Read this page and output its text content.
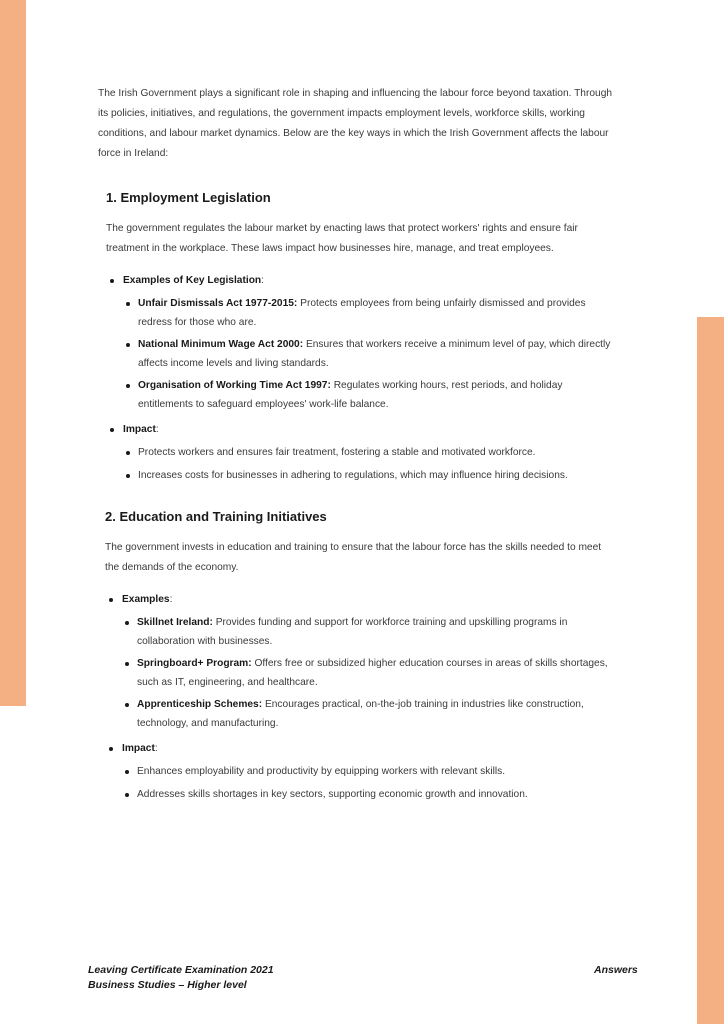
The Irish Government plays a significant role in shaping and influencing the labour force beyond taxation. Through its policies, initiatives, and regulations, the government impacts employment levels, workforce skills, working conditions, and labour market dynamics. Below are the key ways in which the Irish Government affects the labour force in Ireland:

1. Employment Legislation

The government regulates the labour market by enacting laws that protect workers' rights and ensure fair treatment in the workplace. These laws impact how businesses hire, manage, and treat employees.

Examples of Key Legislation:
Unfair Dismissals Act 1977-2015: Protects employees from being unfairly dismissed and provides redress for those who are.
National Minimum Wage Act 2000: Ensures that workers receive a minimum level of pay, which directly affects income levels and living standards.
Organisation of Working Time Act 1997: Regulates working hours, rest periods, and holiday entitlements to safeguard employees' work-life balance.
Impact:
Protects workers and ensures fair treatment, fostering a stable and motivated workforce.
Increases costs for businesses in adhering to regulations, which may influence hiring decisions.
2. Education and Training Initiatives

The government invests in education and training to ensure that the labour force has the skills needed to meet the demands of the economy.

Examples:
Skillnet Ireland: Provides funding and support for workforce training and upskilling programs in collaboration with businesses.
Springboard+ Program: Offers free or subsidized higher education courses in areas of skills shortages, such as IT, engineering, and healthcare.
Apprenticeship Schemes: Encourages practical, on-the-job training in industries like construction, technology, and manufacturing.
Impact:
Enhances employability and productivity by equipping workers with relevant skills.
Addresses skills shortages in key sectors, supporting economic growth and innovation.
Leaving Certificate Examination 2021
Business Studies – Higher level
Answers
